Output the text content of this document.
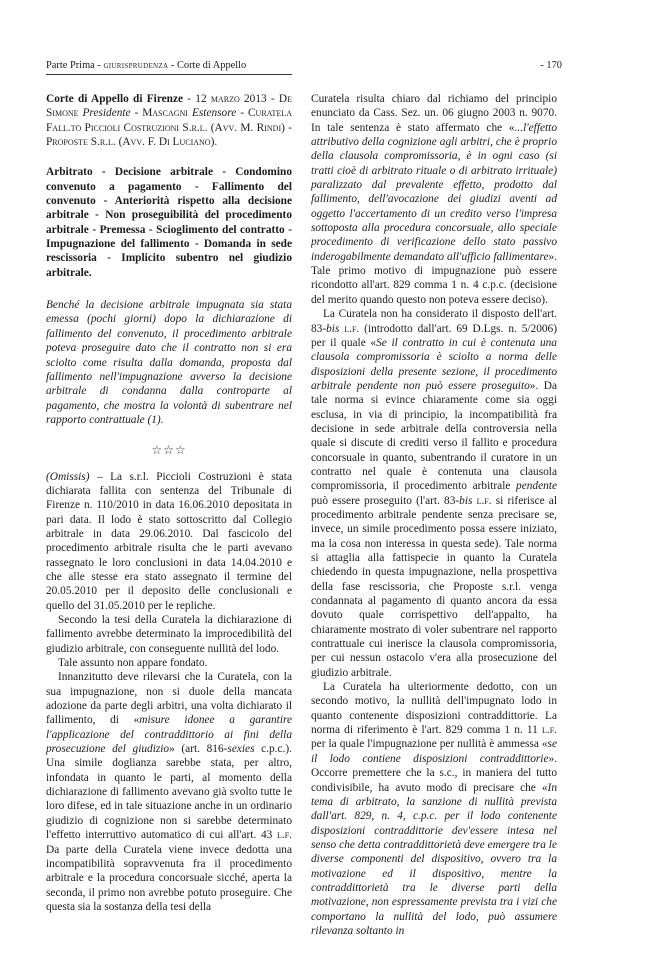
Parte Prima - giurisprudenza - Corte di Appello	- 170

Corte di Appello di Firenze - 12 marzo 2013 - De Simone Presidente - Mascagni Estensore - Curatela Fall.to Piccioli Costruzioni S.r.l. (Avv. M. Rindi) - Proposte S.r.l. (Avv. F. Di Luciano).

Arbitrato - Decisione arbitrale - Condomino convenuto a pagamento - Fallimento del convenuto - Anteriorità rispetto alla decisione arbitrale - Non proseguibilità del procedimento arbitrale - Premessa - Scioglimento del contratto - Impugnazione del fallimento - Domanda in sede rescissoria - Implicito subentro nel giudizio arbitrale.

Benché la decisione arbitrale impugnata sia stata emessa (pochi giorni) dopo la dichiarazione di fallimento del convenuto, il procedimento arbitrale poteva proseguire dato che il contratto non si era sciolto come risulta dalla domanda, proposta dal fallimento nell'impugnazione avverso la decisione arbitrale di condanna dalla controparte al pagamento, che mostra la volontà di subentrare nel rapporto contrattuale (1).

☆☆☆

(Omissis) – La s.r.l. Piccioli Costruzioni è stata dichiarata fallita con sentenza del Tribunale di Firenze n. 110/2010 in data 16.06.2010 depositata in pari data. Il lodo è stato sottoscritto dal Collegio arbitrale in data 29.06.2010. Dal fascicolo del procedimento arbitrale risulta che le parti avevano rassegnato le loro conclusioni in data 14.04.2010 e che alle stesse era stato assegnato il termine del 20.05.2010 per il deposito delle conclusionali e quello del 31.05.2010 per le repliche.

Secondo la tesi della Curatela la dichiarazione di fallimento avrebbe determinato la improcedibilità del giudizio arbitrale, con conseguente nullità del lodo.

Tale assunto non appare fondato.

Innanzitutto deve rilevarsi che la Curatela, con la sua impugnazione, non si duole della mancata adozione da parte degli arbitri, una volta dichiarato il fallimento, di «misure idonee a garantire l'applicazione del contraddittorio ai fini della prosecuzione del giudizio» (art. 816-sexies c.p.c.). Una simile doglianza sarebbe stata, per altro, infondata in quanto le parti, al momento della dichiarazione di fallimento avevano già svolto tutte le loro difese, ed in tale situazione anche in un ordinario giudizio di cognizione non si sarebbe determinato l'effetto interruttivo automatico di cui all'art. 43 l.f. Da parte della Curatela viene invece dedotta una incompatibilità sopravvenuta fra il procedimento arbitrale e la procedura concorsuale sicché, aperta la seconda, il primo non avrebbe potuto proseguire. Che questa sia la sostanza della tesi della

Curatela risulta chiaro dal richiamo del principio enunciato da Cass. Sez. un. 06 giugno 2003 n. 9070. In tale sentenza è stato affermato che «...l'effetto attributivo della cognizione agli arbitri, che è proprio della clausola compromissoria, è in ogni caso (si tratti cioè di arbitrato rituale o di arbitrato irrituale) paralizzato dal prevalente effetto, prodotto dal fallimento, dell'avocazione dei giudizi aventi ad oggetto l'accertamento di un credito verso l'impresa sottoposta alla procedura concorsuale, allo speciale procedimento di verificazione dello stato passivo inderogabilmente demandato all'ufficio fallimentare». Tale primo motivo di impugnazione può essere ricondotto all'art. 829 comma 1 n. 4 c.p.c. (decisione del merito quando questo non poteva essere deciso).

La Curatela non ha considerato il disposto dell'art. 83-bis l.f. (introdotto dall'art. 69 D.Lgs. n. 5/2006) per il quale «Se il contratto in cui è contenuta una clausola compromissoria è sciolto a norma delle disposizioni della presente sezione, il procedimento arbitrale pendente non può essere proseguito». Da tale norma si evince chiaramente come sia oggi esclusa, in via di principio, la incompatibilità fra decisione in sede arbitrale della controversia nella quale si discute di crediti verso il fallito e procedura concorsuale in quanto, subentrando il curatore in un contratto nel quale è contenuta una clausola compromissoria, il procedimento arbitrale pendente può essere proseguito (l'art. 83-bis l.f. si riferisce al procedimento arbitrale pendente senza precisare se, invece, un simile procedimento possa essere iniziato, ma la cosa non interessa in questa sede). Tale norma si attaglia alla fattispecie in quanto la Curatela chiedendo in questa impugnazione, nella prospettiva della fase rescissoria, che Proposte s.r.l. venga condannata al pagamento di quanto ancora da essa dovuto quale corrispettivo dell'appalto, ha chiaramente mostrato di voler subentrare nel rapporto contrattuale cui inerisce la clausola compromissoria, per cui nessun ostacolo v'era alla prosecuzione del giudizio arbitrale.

La Curatela ha ulteriormente dedotto, con un secondo motivo, la nullità dell'impugnato lodo in quanto contenente disposizioni contraddittorie. La norma di riferimento è l'art. 829 comma 1 n. 11 l.f. per la quale l'impugnazione per nullità è ammessa «se il lodo contiene disposizioni contraddittorie». Occorre premettere che la s.c., in maniera del tutto condivisibile, ha avuto modo di precisare che «In tema di arbitrato, la sanzione di nullità prevista dall'art. 829, n. 4, c.p.c. per il lodo contenente disposizioni contraddittorie dev'essere intesa nel senso che detta contraddittorietà deve emergere tra le diverse componenti del dispositivo, ovvero tra la motivazione ed il dispositivo, mentre la contraddittorietà tra le diverse parti della motivazione, non espressamente prevista tra i vizi che comportano la nullità del lodo, può assumere rilevanza soltanto in
